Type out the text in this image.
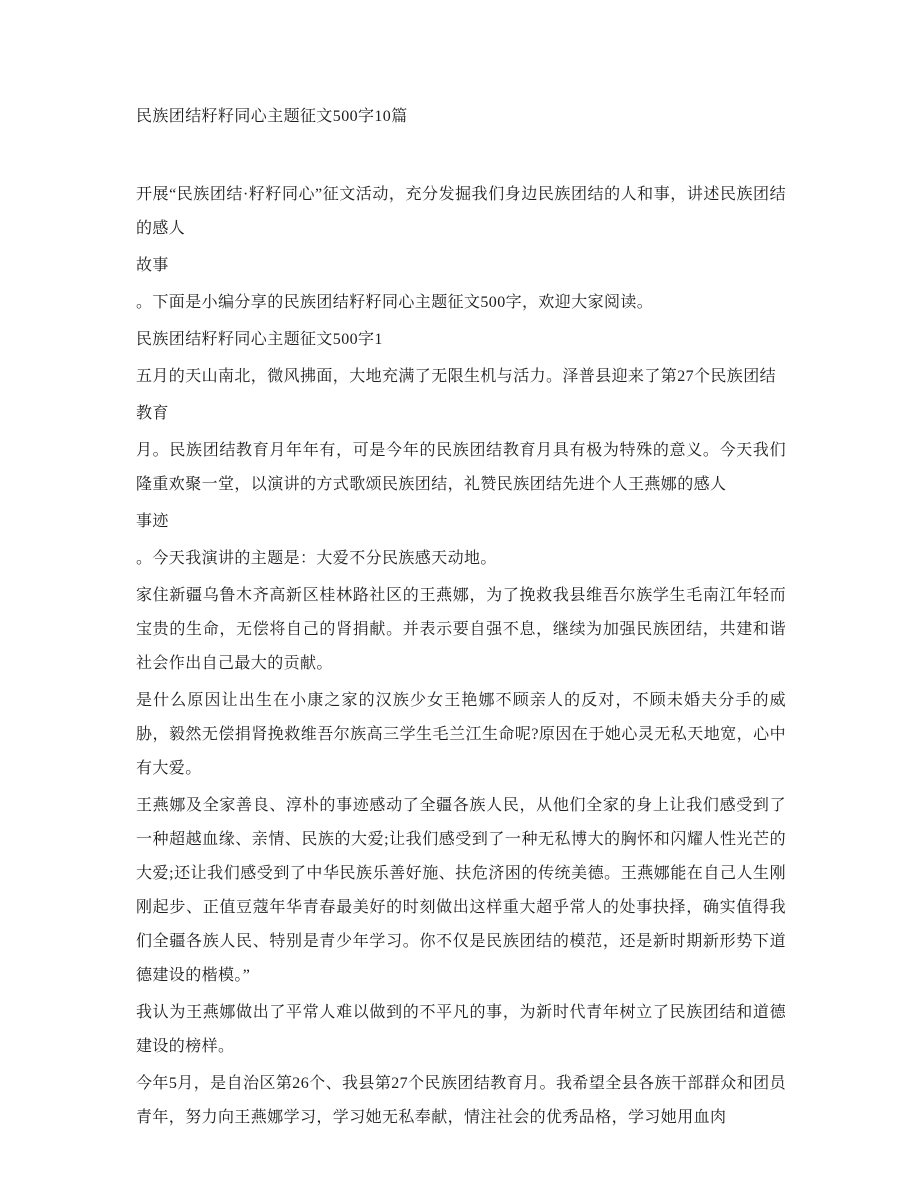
民族团结籽籽同心主题征文500字10篇

开展“民族团结·籽籽同心”征文活动，充分发掘我们身边民族团结的人和事，讲述民族团结的感人

故事

。下面是小编分享的民族团结籽籽同心主题征文500字，欢迎大家阅读。

民族团结籽籽同心主题征文500字1

五月的天山南北，微风拂面，大地充满了无限生机与活力。泽普县迎来了第27个民族团结

教育

月。民族团结教育月年年有，可是今年的民族团结教育月具有极为特殊的意义。今天我们隆重欢聚一堂，以演讲的方式歌颂民族团结，礼赞民族团结先进个人王燕娜的感人

事迹

。今天我演讲的主题是：大爱不分民族感天动地。

家住新疆乌鲁木齐高新区桂林路社区的王燕娜，为了挽救我县维吾尔族学生毛南江年轻而宝贵的生命，无偿将自己的肾捐献。并表示要自强不息，继续为加强民族团结，共建和谐社会作出自己最大的贡献。

是什么原因让出生在小康之家的汉族少女王艳娜不顾亲人的反对，不顾未婚夫分手的威胁，毅然无偿捐肾挽救维吾尔族高三学生毛兰江生命呢?原因在于她心灵无私天地宽，心中有大爱。

王燕娜及全家善良、淳朴的事迹感动了全疆各族人民，从他们全家的身上让我们感受到了一种超越血缘、亲情、民族的大爱;让我们感受到了一种无私博大的胸怀和闪耀人性光芒的大爱;还让我们感受到了中华民族乐善好施、扶危济困的传统美德。王燕娜能在自己人生刚刚起步、正值豆蔻年华青春最美好的时刻做出这样重大超乎常人的处事抉择，确实值得我们全疆各族人民、特别是青少年学习。你不仅是民族团结的模范，还是新时期新形势下道德建设的楷模。”

我认为王燕娜做出了平常人难以做到的不平凡的事，为新时代青年树立了民族团结和道德建设的榜样。

今年5月，是自治区第26个、我县第27个民族团结教育月。我希望全县各族干部群众和团员青年，努力向王燕娜学习，学习她无私奉献，情注社会的优秀品格，学习她用血肉
